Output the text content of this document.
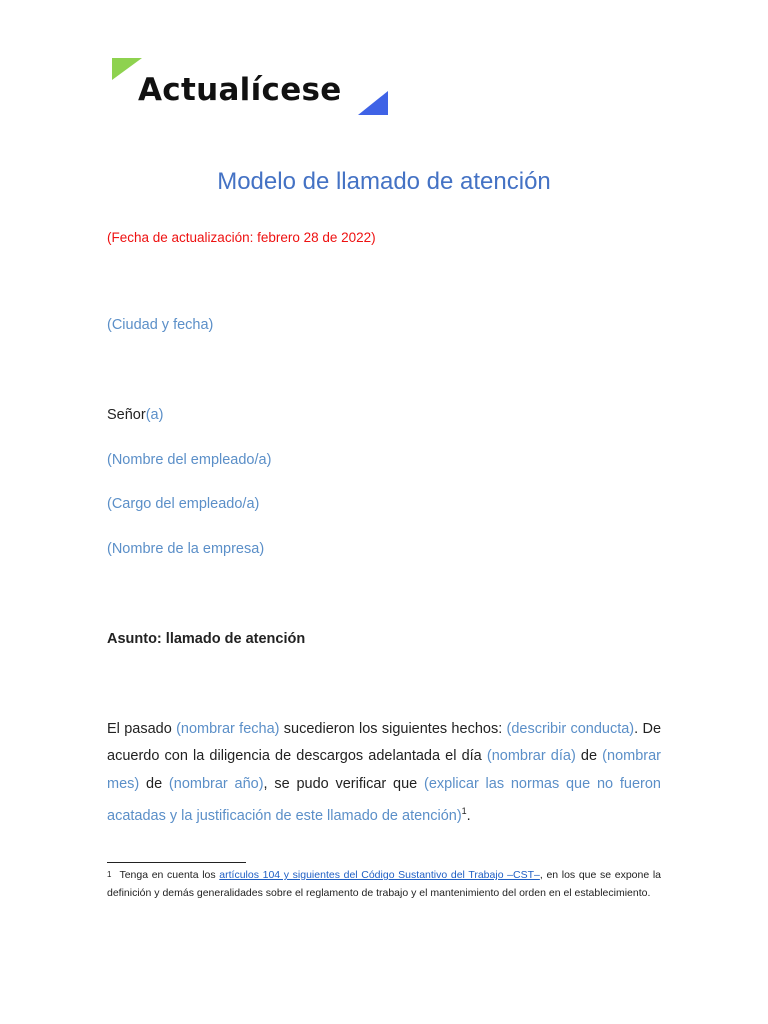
Actualícese
Modelo de llamado de atención
(Fecha de actualización: febrero 28 de 2022)
(Ciudad y fecha)
Señor(a)
(Nombre del empleado/a)
(Cargo del empleado/a)
(Nombre de la empresa)
Asunto: llamado de atención
El pasado (nombrar fecha) sucedieron los siguientes hechos: (describir conducta). De acuerdo con la diligencia de descargos adelantada el día (nombrar día) de (nombrar mes) de (nombrar año), se pudo verificar que (explicar las normas que no fueron acatadas y la justificación de este llamado de atención)$^1$.
$^1$ Tenga en cuenta los artículos 104 y siguientes del Código Sustantivo del Trabajo –CST–, en los que se expone la definición y demás generalidades sobre el reglamento de trabajo y el mantenimiento del orden en el establecimiento.
